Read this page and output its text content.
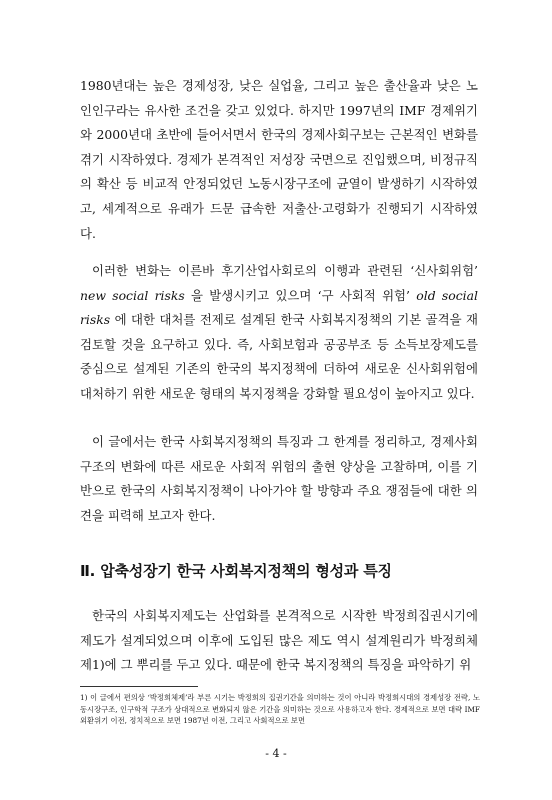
1980년대는 높은 경제성장, 낮은 실업율, 그리고 높은 출산율과 낮은 노인인구라는 유사한 조건을 갖고 있었다. 하지만 1997년의 IMF 경제위기와 2000년대 초반에 들어서면서 한국의 경제사회구보는 근본적인 변화를 겪기 시작하였다. 경제가 본격적인 저성장 국면으로 진입했으며, 비정규직의 확산 등 비교적 안정되었던 노동시장구조에 균열이 발생하기 시작하였고, 세계적으로 유래가 드문 급속한 저출산·고령화가 진행되기 시작하였다.

이러한 변화는 이른바 후기산업사회로의 이행과 관련된 ‘신사회위험’ new social risks 을 발생시키고 있으며 ‘구 사회적 위험’ old social risks 에 대한 대처를 전제로 설계된 한국 사회복지정책의 기본 골격을 재검토할 것을 요구하고 있다. 즉, 사회보험과 공공부조 등 소득보장제도를 중심으로 설계된 기존의 한국의 복지정책에 더하여 새로운 신사회위험에 대처하기 위한 새로운 형태의 복지정책을 강화할 필요성이 높아지고 있다.

이 글에서는 한국 사회복지정책의 특징과 그 한계를 정리하고, 경제사회구조의 변화에 따른 새로운 사회적 위험의 출현 양상을 고찰하며, 이를 기반으로 한국의 사회복지정책이 나아가야 할 방향과 주요 쟁점들에 대한 의견을 피력해 보고자 한다.

Ⅱ. 압축성장기 한국 사회복지정책의 형성과 특징

한국의 사회복지제도는 산업화를 본격적으로 시작한 박정희집권시기에 제도가 설계되었으며 이후에 도입된 많은 제도 역시 설계원리가 박정희체제1)에 그 뿌리를 두고 있다. 때문에 한국 복지정책의 특징을 파악하기 위

1) 이 글에서 편의상 ‘박정희체제’라 부른 시기는 박정희의 집권기간을 의미하는 것이 아니라 박정희시대의 경제성장 전략, 노동시장구조, 인구학적 구조가 상대적으로 변화되지 않은 기간을 의미하는 것으로 사용하고자 한다. 경제적으로 보면 대략 IMF 외환위기 이전, 정치적으로 보면 1987년 이전, 그리고 사회적으로 보면

- 4 -
